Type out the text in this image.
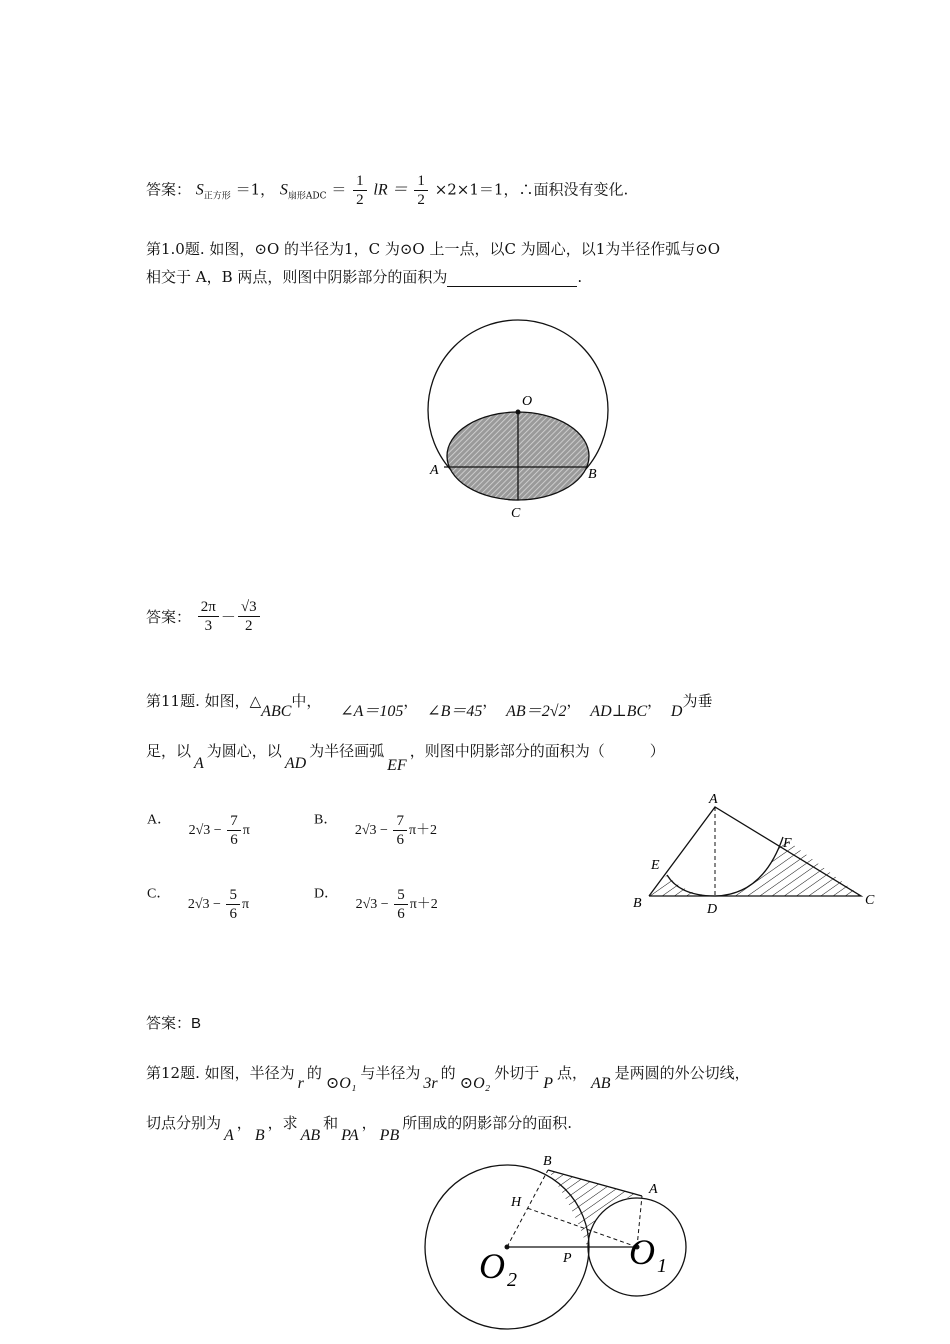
答案： $S_{正方形} =1$， $S_{扇形ADC} = \frac{1}{2}$ lR ＝ $\frac{1}{2} \times 2\times 1=1$，∴面积没有变化.
第1.0题. 如图，⊙O 的半径为1，C 为⊙O 上一点，以C 为圆心，以1为半径作弧与⊙O
相交于 A，B 两点，则图中阴影部分的面积为	.
O
A	B
C
答案： $\frac{2\pi}{3} - \frac{√3}{2}$
第11题. 如图，△ABC中， ∠A＝105， ∠B＝45， AB＝2√2， AD⊥BC， D为垂
足，以A为圆心，以AD为半径画弧EF，则图中阴影部分的面积为（　　　）
A． $2√3 - \frac{7}{6}$ π
B． $2√3 - \frac{7}{6} \pi+2$
C． $2√3 - \frac{5}{6}$ π
D． $2√3 - \frac{5}{6} \pi+2$
A
B	C
D
E
F
答案：B
第12题. 如图，半径为r的⊙O₁与半径为3r的⊙O₂外切于P点，AB是两圆的外公切线，
切点分别为A，B，求AB和PA，PB所围成的阴影部分的面积.
B
A
H
P
O 2
O 1
